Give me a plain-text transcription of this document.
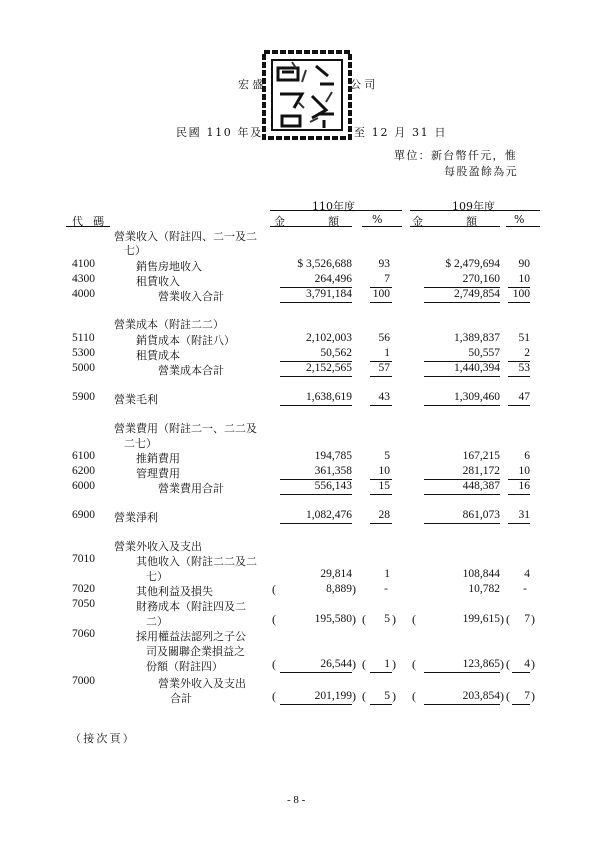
宏盛	公司
民國 110 年及	至 12 月 31 日
單位：新台幣仟元，惟
每股盈餘為元
110年度	109年度
代 碼	金 額 %	金 額 %
營業收入（附註四、二一及二
七）
4100	銷售房地收入	$ 3,526,688 93	$ 2,479,694 90
4300	租賃收入	264,496	7	270,160 10
4000	營業收入合計	3,791,184 100	2,749,854 100
營業成本（附註二二）
5110	銷貨成本（附註八）	2,102,003 56	1,389,837 51
5300	租賃成本	50,562	1	50,557 2
5000	營業成本合計	2,152,565 57	1,440,394 53
5900 營業毛利	1,638,619 43	1,309,460 47
營業費用（附註二一、二二及
二七）
6100	推銷費用	194,785	5	167,215 6
6200	管理費用	361,358 10	281,172 10
6000	營業費用合計	556,143 15	448,387 16
6900 營業淨利	1,082,476 28	861,073 31
營業外收入及支出
7010	其他收入（附註二二及二
七）	29,814	1	108,844 4
7020	其他利益及損失	(	8,889 ) -	10,782 -
7050	財務成本（附註四及二
二）	(	195,580 ) ( 5 ) (	199,615 ) ( 7 )
7060	採用權益法認列之子公
司及關聯企業損益之
份額（附註四）	(	26,544 ) ( 1 ) (	123,865 ) ( 4 )
7000	營業外收入及支出
合計	(	201,199 ) ( 5 ) (	203,854 ) ( 7 )
（接次頁）
- 8 -
